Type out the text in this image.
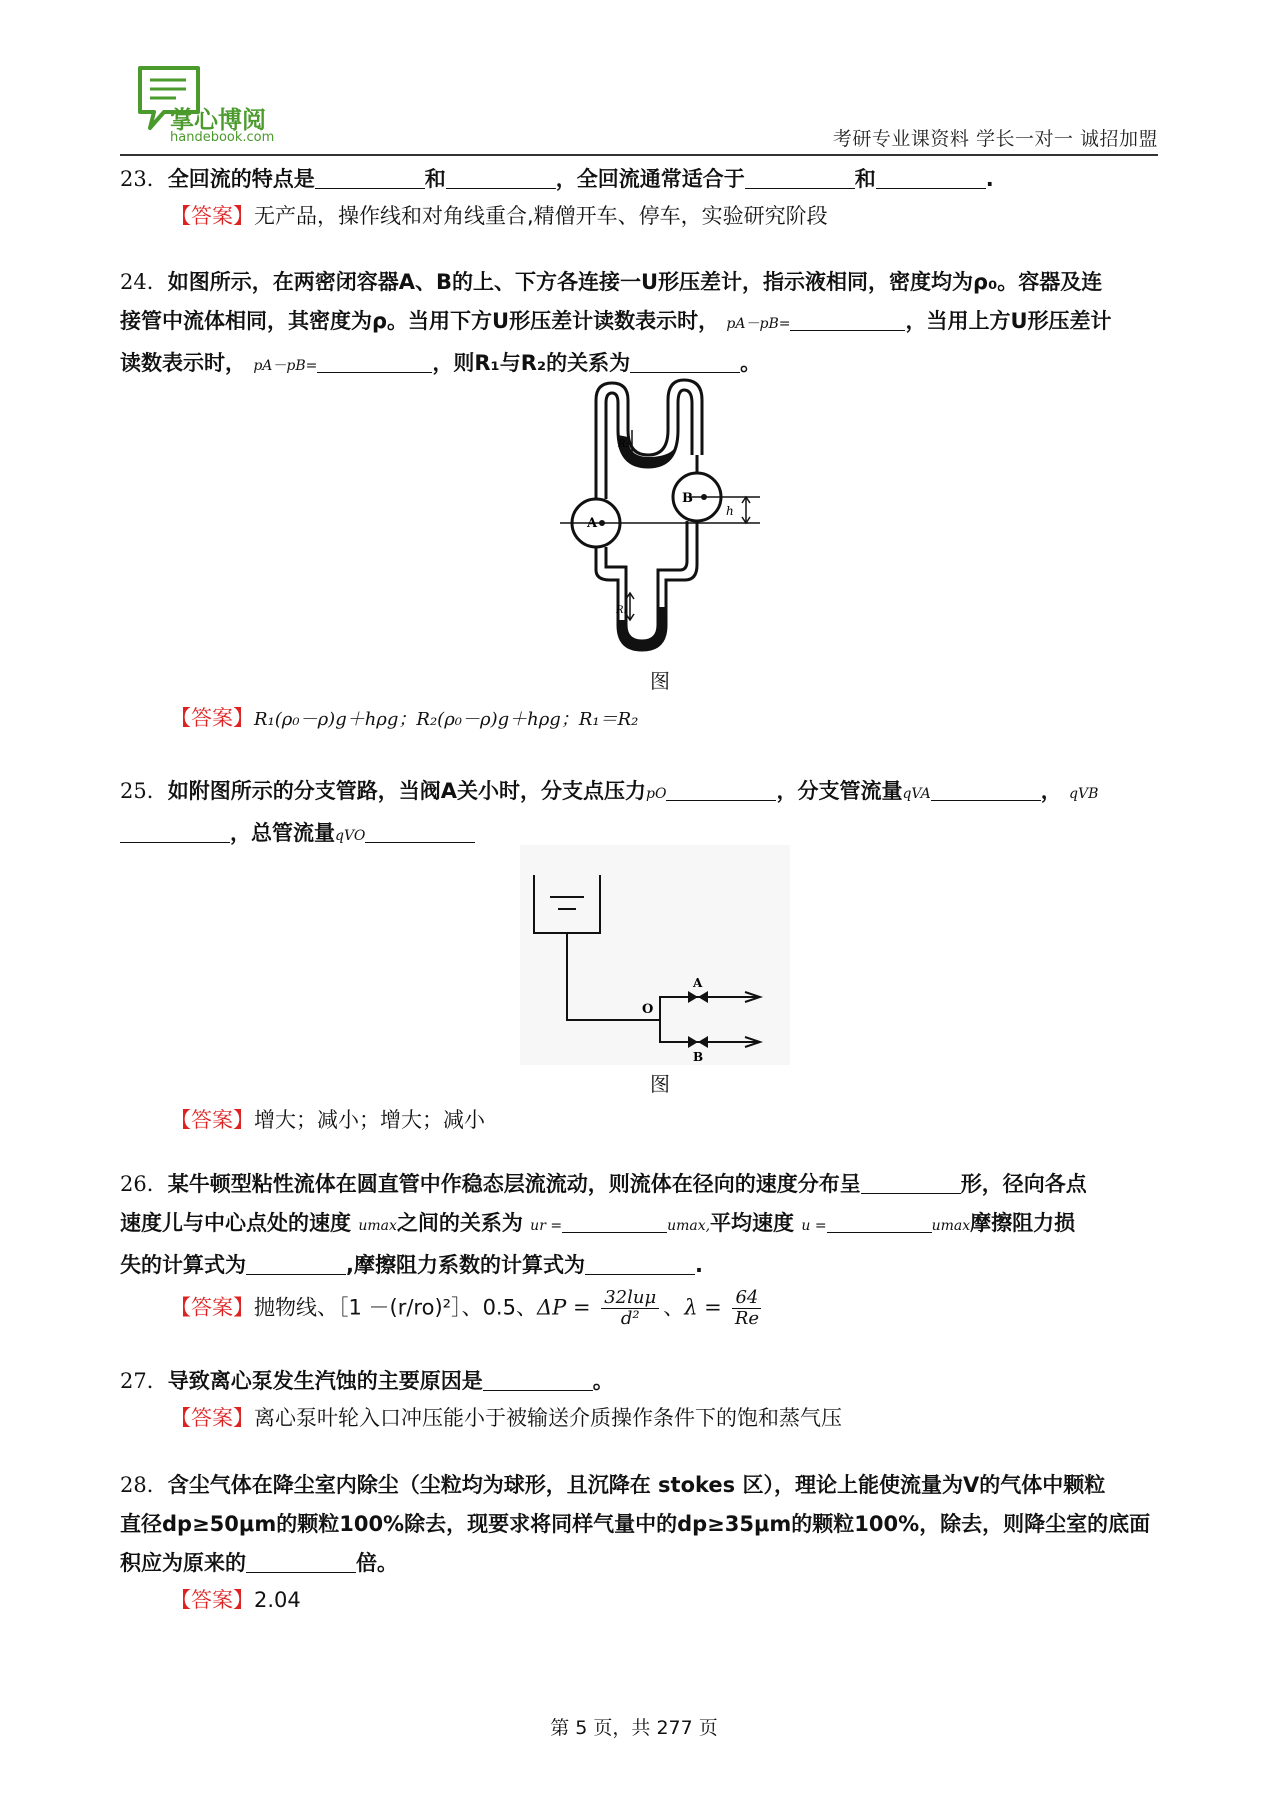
掌心博阅
handebook.com	考研专业课资料 学长一对一 诚招加盟
23．全回流的特点是	和	，全回流通常适合于	和	.
【答案】无产品，操作线和对角线重合,精僧开车、停车，实验研究阶段
24．如图所示，在两密闭容器A、B的上、下方各连接一U形压差计，指示液相同，密度均为ρ₀。容器及连
接管中流体相同，其密度为ρ。当用下方U形压差计读数表示时， pA－pB=	，当用上方U形压差计
读数表示时， pA－pB=	，则R₁与R₂的关系为	。
A
B
h
R₁
R₂
图
【答案】R₁(ρ₀－ρ)g＋hρg；R₂(ρ₀－ρ)g＋hρg；R₁＝R₂
25．如附图所示的分支管路，当阀A关小时，分支点压力pO	，分支管流量qVA	， qVB
，总管流量qVO
O
A
B
图
【答案】增大；减小；增大；减小
26．某牛顿型粘性流体在圆直管中作稳态层流流动，则流体在径向的速度分布呈	形，径向各点
速度儿与中心点处的速度 umax之间的关系为 ur =	umax,平均速度 u =	umax摩擦阻力损
失的计算式为	,摩擦阻力系数的计算式为	.
【答案】抛物线、［1 －(r/ro)²］、0.5、ΔP = 32luμ
d²	、$\lambda = \frac{64}{Re}$
27．导致离心泵发生汽蚀的主要原因是	。
【答案】离心泵叶轮入口冲压能小于被输送介质操作条件下的饱和蒸气压
28．含尘气体在降尘室内除尘（尘粒均为球形，且沉降在 stokes 区），理论上能使流量为V的气体中颗粒
直径dp≥50μm的颗粒100%除去，现要求将同样气量中的dp≥35μm的颗粒100%，除去，则降尘室的底面
积应为原来的	倍。
【答案】2.04
第 5 页，共 277 页
